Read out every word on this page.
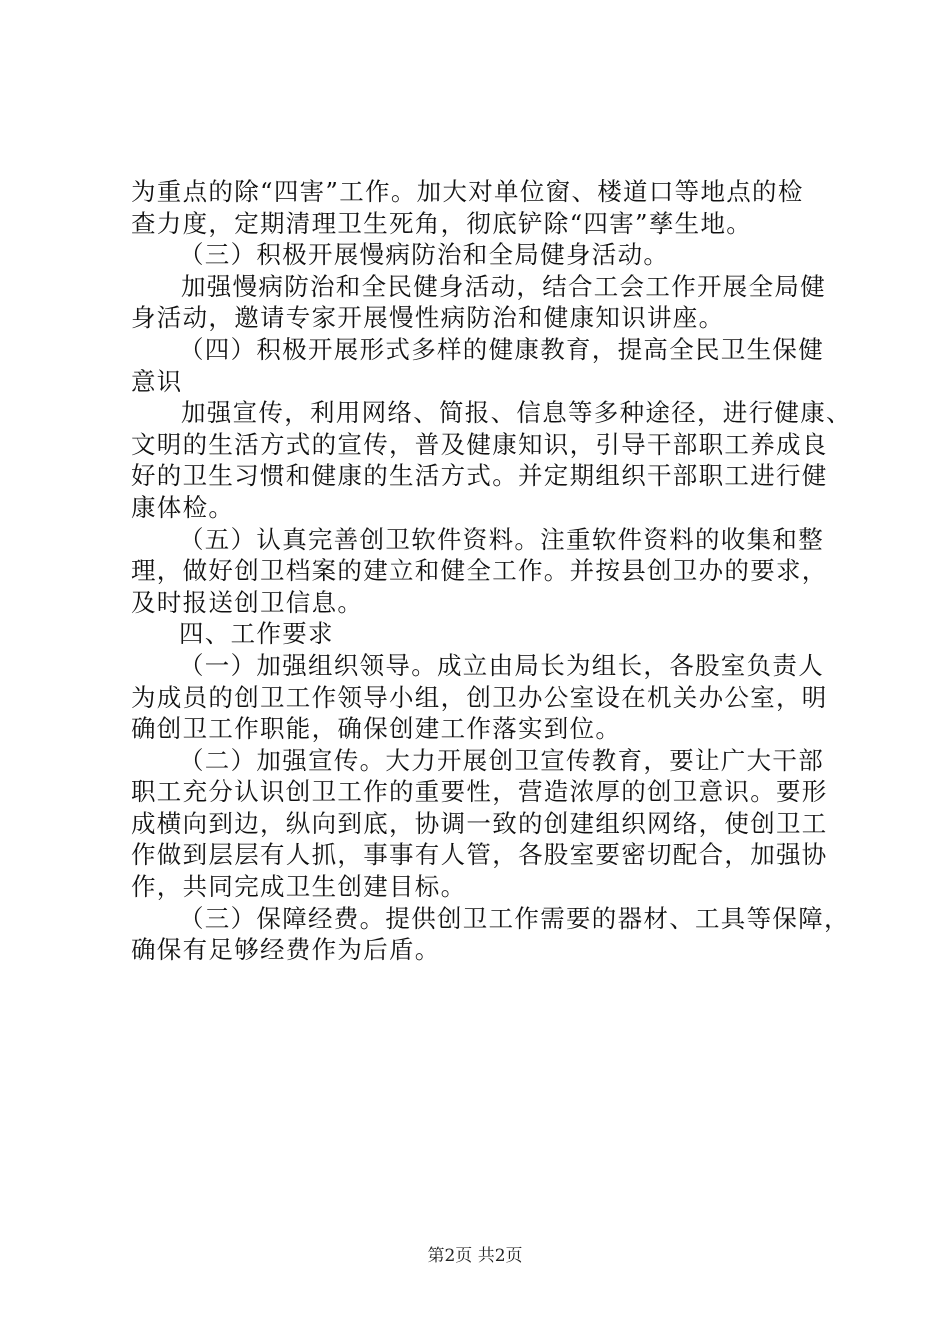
为重点的除“四害”工作。加大对单位窗、楼道口等地点的检
查力度，定期清理卫生死角，彻底铲除“四害”孳生地。
（三）积极开展慢病防治和全局健身活动。
加强慢病防治和全民健身活动，结合工会工作开展全局健
身活动，邀请专家开展慢性病防治和健康知识讲座。
（四）积极开展形式多样的健康教育，提高全民卫生保健
意识
加强宣传，利用网络、简报、信息等多种途径，进行健康、
文明的生活方式的宣传，普及健康知识，引导干部职工养成良
好的卫生习惯和健康的生活方式。并定期组织干部职工进行健
康体检。
（五）认真完善创卫软件资料。注重软件资料的收集和整
理，做好创卫档案的建立和健全工作。并按县创卫办的要求，
及时报送创卫信息。
四、工作要求
（一）加强组织领导。成立由局长为组长，各股室负责人
为成员的创卫工作领导小组，创卫办公室设在机关办公室，明
确创卫工作职能，确保创建工作落实到位。
（二）加强宣传。大力开展创卫宣传教育，要让广大干部
职工充分认识创卫工作的重要性，营造浓厚的创卫意识。要形
成横向到边，纵向到底，协调一致的创建组织网络，使创卫工
作做到层层有人抓，事事有人管，各股室要密切配合，加强协
作，共同完成卫生创建目标。
（三）保障经费。提供创卫工作需要的器材、工具等保障，
确保有足够经费作为后盾。
第2页 共2页
